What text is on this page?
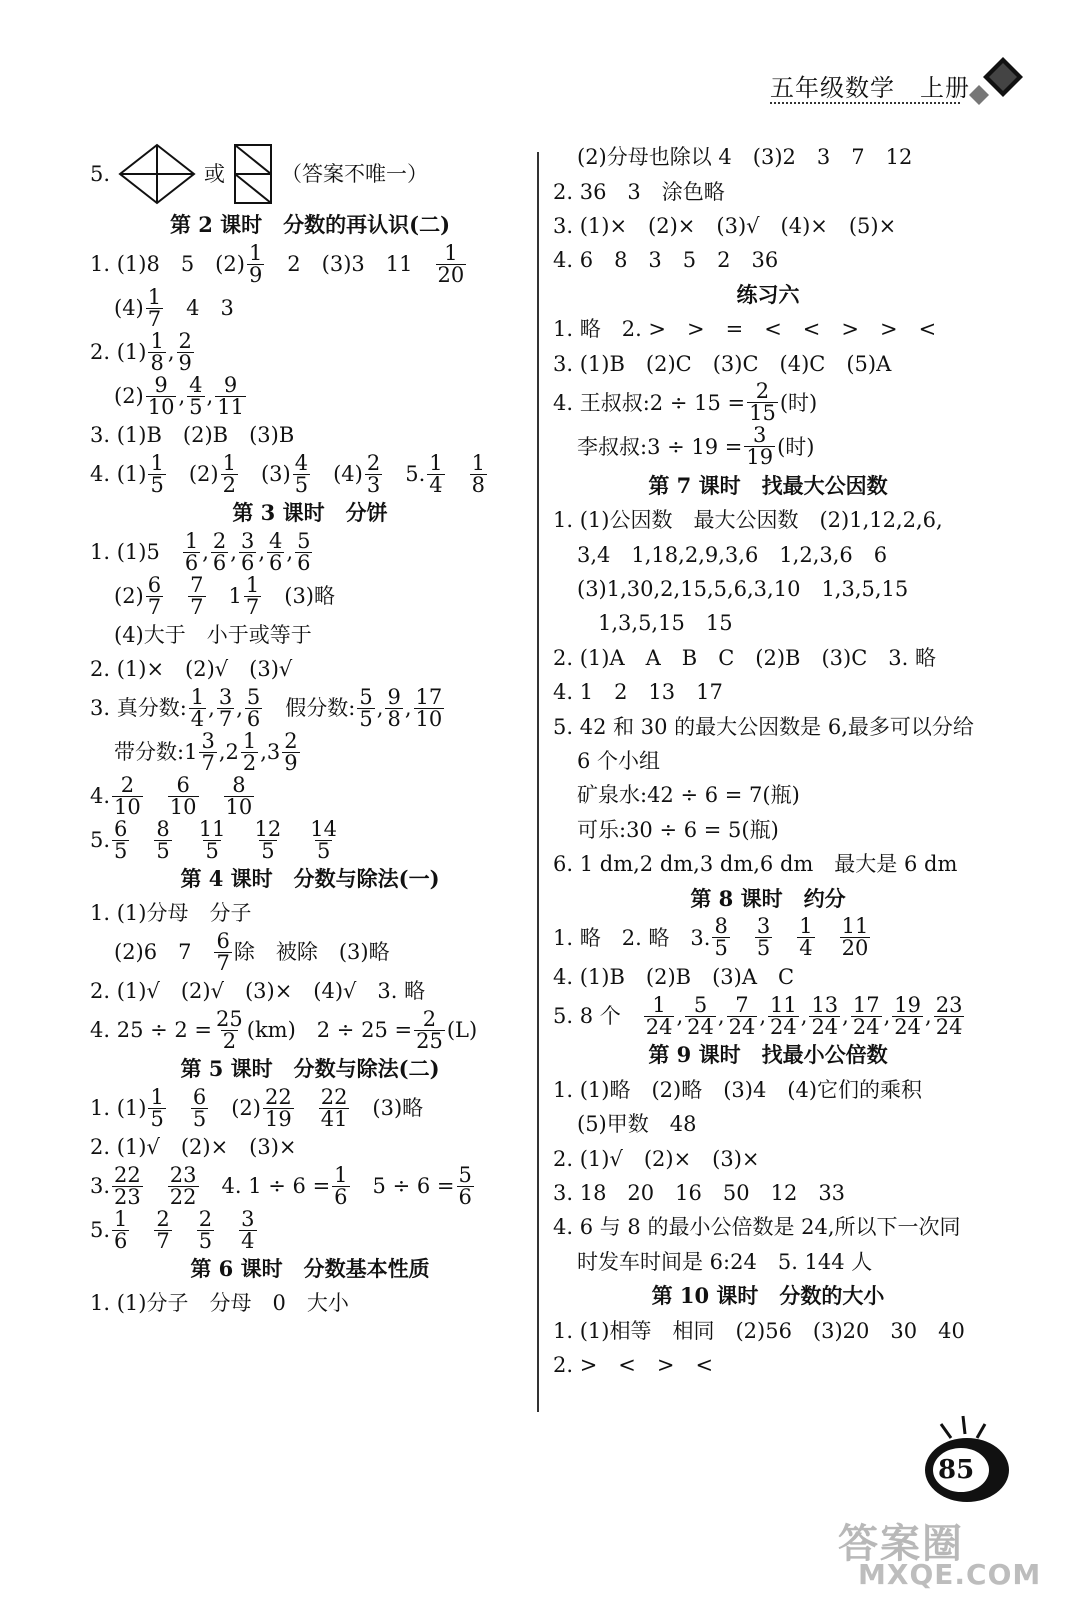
五年级数学　上册
5.	或	（答案不唯一）
第 2 课时　分数的再认识(二)
1. (1)8　5　$(2) \frac{1}{9}$ 　2　(3)3　11　 $\frac{1}{20}$
$(4) \frac{1}{7}$ 　4　3
2. $(1) \frac{1}{8}$ , $\frac{2}{9}$
$(2) \frac{9}{10}$ , $\frac{4}{5}$ , $\frac{9}{11}$
3. (1)B　(2)B　(3)B
4. $(1) \frac{1}{5}$ 　$(2) \frac{1}{2}$ 　$(3) \frac{4}{5}$ 　$(4) \frac{2}{3}$ 　5. $\frac{1}{4}$
　 $\frac{1}{8}$
第 3 课时　分饼
1. (1)5　 $\frac{1}{6}$ , $\frac{2}{6}$ , $\frac{3}{6}$ , $\frac{4}{6}$ , $\frac{5}{6}$
$(2) \frac{6}{7}$
　 $\frac{7}{7}$ 　$1 \frac{1}{7}$ 　(3)略
(4)大于　小于或等于
2. (1)×　(2)√　(3)√
3. 真分数: $\frac{1}{4}$ , $\frac{3}{7}$ , $\frac{5}{6}$ 　假分数: $\frac{5}{5}$ , $\frac{9}{8}$ , $\frac{17}{10}$
带分数:1 $\frac{3}{7} ,2 \frac{1}{2} ,3 \frac{2}{9}$
4. $\frac{2}{10}$
　 $\frac{6}{10}$
　 $\frac{8}{10}$
5. $\frac{6}{5}$
　 $\frac{8}{5}$
　 $\frac{11}{5}$
　 $\frac{12}{5}$
　 $\frac{14}{5}$
第 4 课时　分数与除法(一)
1. (1)分母　分子
(2)6　7　 $\frac{6}{7}$ 除　被除　(3)略
2. (1)√　(2)√　(3)×　(4)√　3. 略
4. $25 \div 2 = \frac{25}{2} (km)$　$2 \div 25 = \frac{2}{25} (L)$
第 5 课时　分数与除法(二)
1. $(1) \frac{1}{5}$
　 $\frac{6}{5}$ 　$(2) \frac{22}{19}$
　 $\frac{22}{41}$ 　(3)略
2. (1)√　(2)×　(3)×
3. $\frac{22}{23}$
　 $\frac{23}{22}$ 　4. $1 \div 6 = \frac{1}{6}$ 　$5 \div 6 = \frac{5}{6}$
5. $\frac{1}{6}$
　 $\frac{2}{7}$
　 $\frac{2}{5}$
　 $\frac{3}{4}$
第 6 课时　分数基本性质
1. (1)分子　分母　0　大小
(2)分母也除以 4　(3)2　3　7　12
2. 36　3　涂色略
3. (1)×　(2)×　(3)√　(4)×　(5)×
4. 6　8　3　5　2　36
练习六
1. 略　2. >　>　=　<　<　>　>　<
3. (1)B　(2)C　(3)C　(4)C　(5)A
4. 王叔叔:2 ÷ $15 = \frac{2}{15}$ (时)
李叔叔:3 ÷ $19 = \frac{3}{19}$ (时)
第 7 课时　找最大公因数
1. (1)公因数　最大公因数　(2)1,12,2,6,
3,4　1,18,2,9,3,6　1,2,3,6　6
(3)1,30,2,15,5,6,3,10　1,3,5,15
　1,3,5,15　15
2. (1)A　A　B　C　(2)B　(3)C　3. 略
4. 1　2　13　17
5. 42 和 30 的最大公因数是 6,最多可以分给
6 个小组
矿泉水:42 ÷ 6 = 7(瓶)
可乐:30 ÷ 6 = 5(瓶)
6. 1 dm,2 dm,3 dm,6 dm　最大是 6 dm
第 8 课时　约分
1. 略　2. 略　3. $\frac{8}{5}$
　 $\frac{3}{5}$
　 $\frac{1}{4}$
　 $\frac{11}{20}$
4. (1)B　(2)B　(3)A　C
5. 8 个　 $\frac{1}{24}$ , $\frac{5}{24}$ , $\frac{7}{24}$ , $\frac{11}{24}$ , $\frac{13}{24}$ , $\frac{17}{24}$ , $\frac{19}{24}$ , $\frac{23}{24}$
第 9 课时　找最小公倍数
1. (1)略　(2)略　(3)4　(4)它们的乘积
(5)甲数　48
2. (1)√　(2)×　(3)×
3. 18　20　16　50　12　33
4. 6 与 8 的最小公倍数是 24,所以下一次同
时发车时间是 6:24　5. 144 人
第 10 课时　分数的大小
1. (1)相等　相同　(2)56　(3)20　30　40
2. >　<　>　<
85
答案圈
MXQE.COM
